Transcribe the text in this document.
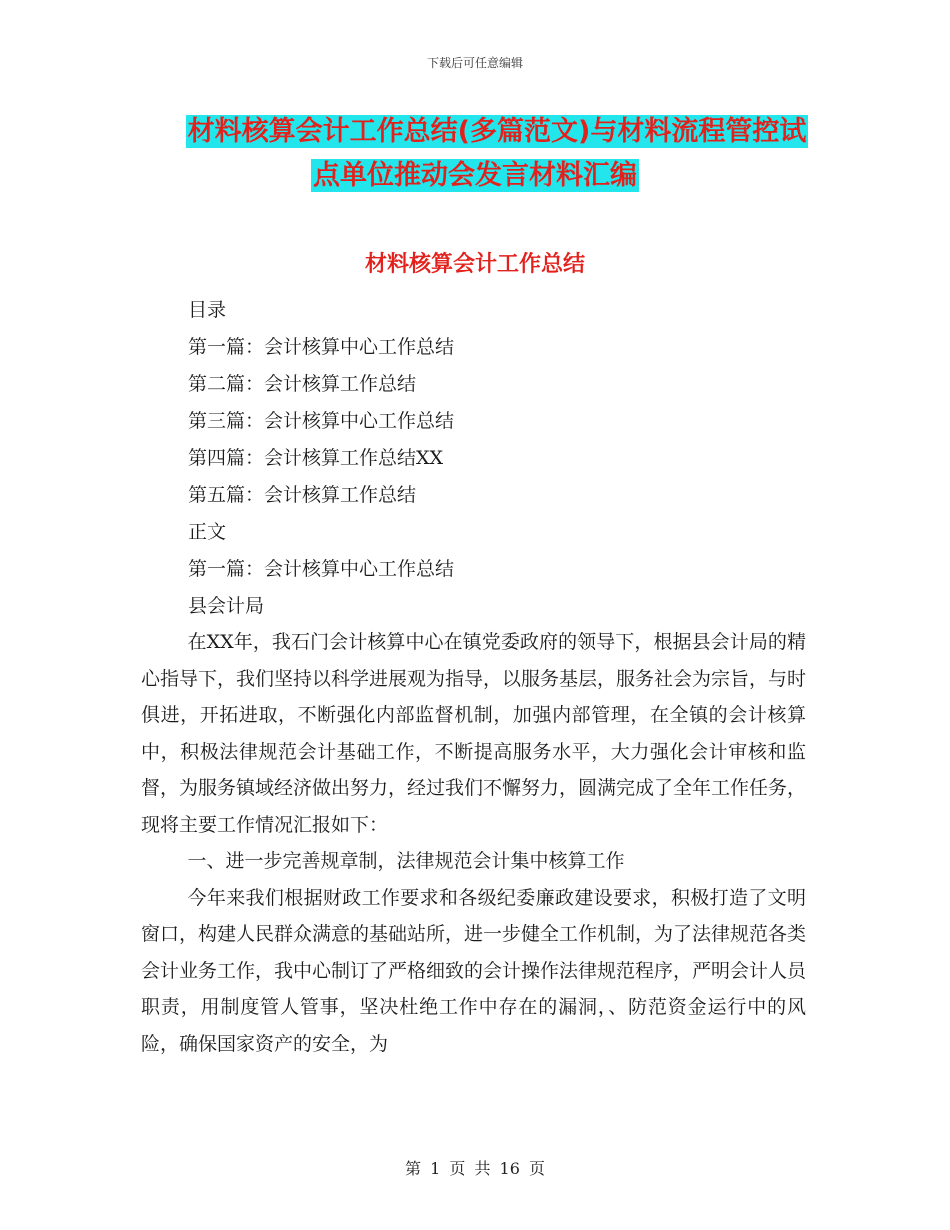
下载后可任意编辑
材料核算会计工作总结(多篇范文)与材料流程管控试
点单位推动会发言材料汇编
材料核算会计工作总结
目录
第一篇：会计核算中心工作总结
第二篇：会计核算工作总结
第三篇：会计核算中心工作总结
第四篇：会计核算工作总结XX
第五篇：会计核算工作总结
正文
第一篇：会计核算中心工作总结
县会计局

在XX年，我石门会计核算中心在镇党委政府的领导下，根据县会计局的精心指导下，我们坚持以科学进展观为指导，以服务基层，服务社会为宗旨，与时俱进，开拓进取，不断强化内部监督机制，加强内部管理，在全镇的会计核算中，积极法律规范会计基础工作，不断提高服务水平，大力强化会计审核和监督，为服务镇域经济做出努力，经过我们不懈努力，圆满完成了全年工作任务，现将主要工作情况汇报如下：

一、进一步完善规章制，法律规范会计集中核算工作

今年来我们根据财政工作要求和各级纪委廉政建设要求，积极打造了文明窗口，构建人民群众满意的基础站所，进一步健全工作机制，为了法律规范各类会计业务工作，我中心制订了严格细致的会计操作法律规范程序，严明会计人员职责，用制度管人管事，坚决杜绝工作中存在的漏洞，、防范资金运行中的风险，确保国家资产的安全，为

第 1 页 共 16 页
